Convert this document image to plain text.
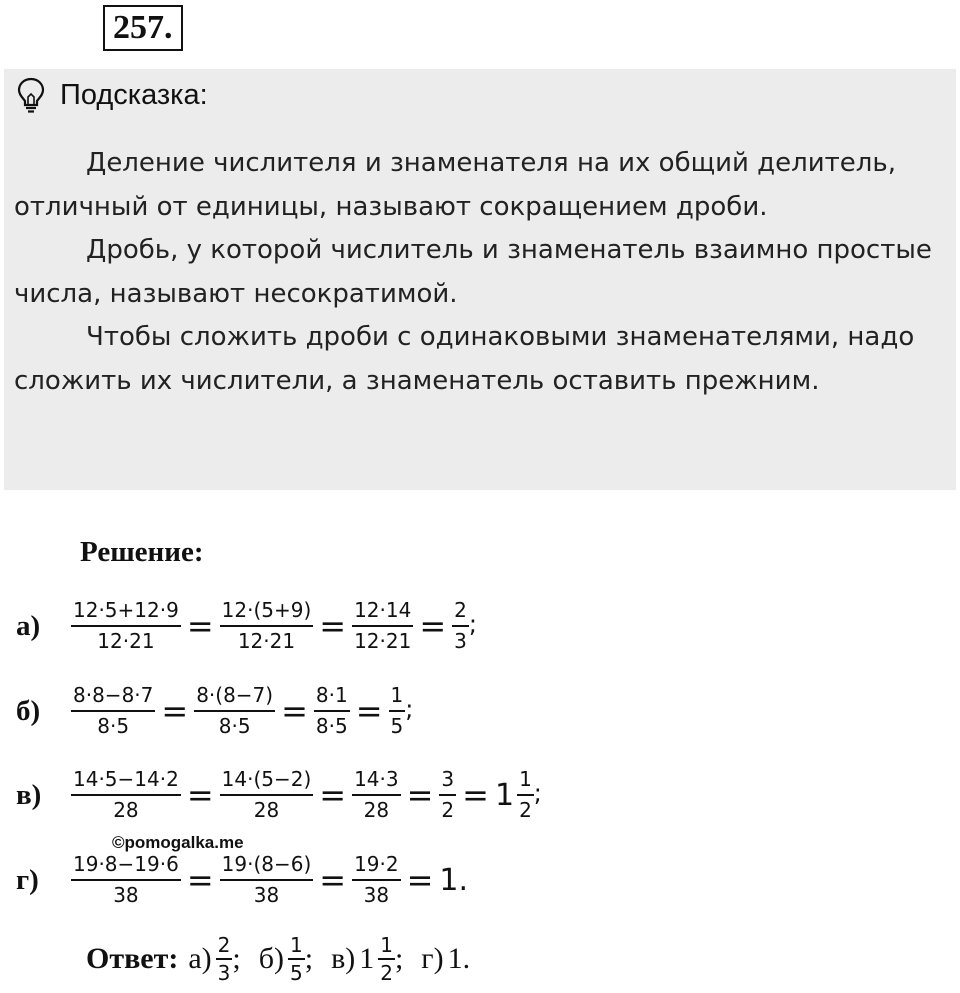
257.
Подсказка:

Деление числителя и знаменателя на их общий делитель, отличный от единицы, называют сокращением дроби.

Дробь, у которой числитель и знаменатель взаимно простые числа, называют несократимой.

Чтобы сложить дроби с одинаковыми знаменателями, надо сложить их числители, а знаменатель оставить прежним.

Решение:
а)	$\frac{12\cdot 5+12\cdot 9}{12\cdot 21} = \frac{12\cdot(5+9)}{12\cdot 21} = \frac{12\cdot 14}{12\cdot 21} = \frac{2}{3}$ ;
б)	$\frac{8\cdot 8-8\cdot 7}{8\cdot 5} = \frac{8\cdot(8-7)}{8\cdot 5} = \frac{8\cdot 1}{8\cdot 5} = \frac{1}{5}$ ;
в)	$\frac{14\cdot 5-14\cdot 2}{28} = \frac{14\cdot(5-2)}{28} = \frac{14\cdot 3}{28} = \frac{3}{2} = 1 \frac{1}{2}$ ;
©pomogalka.me
г)	$\frac{19\cdot 8-19\cdot 6}{38} = \frac{19\cdot(8-6)}{38} = \frac{19\cdot 2}{38} = 1$.
Ответ: $а) \frac{2}{3}$ ; $б) \frac{1}{5}$ ; в) $1 \frac{1}{2}$ ; г) 1.
